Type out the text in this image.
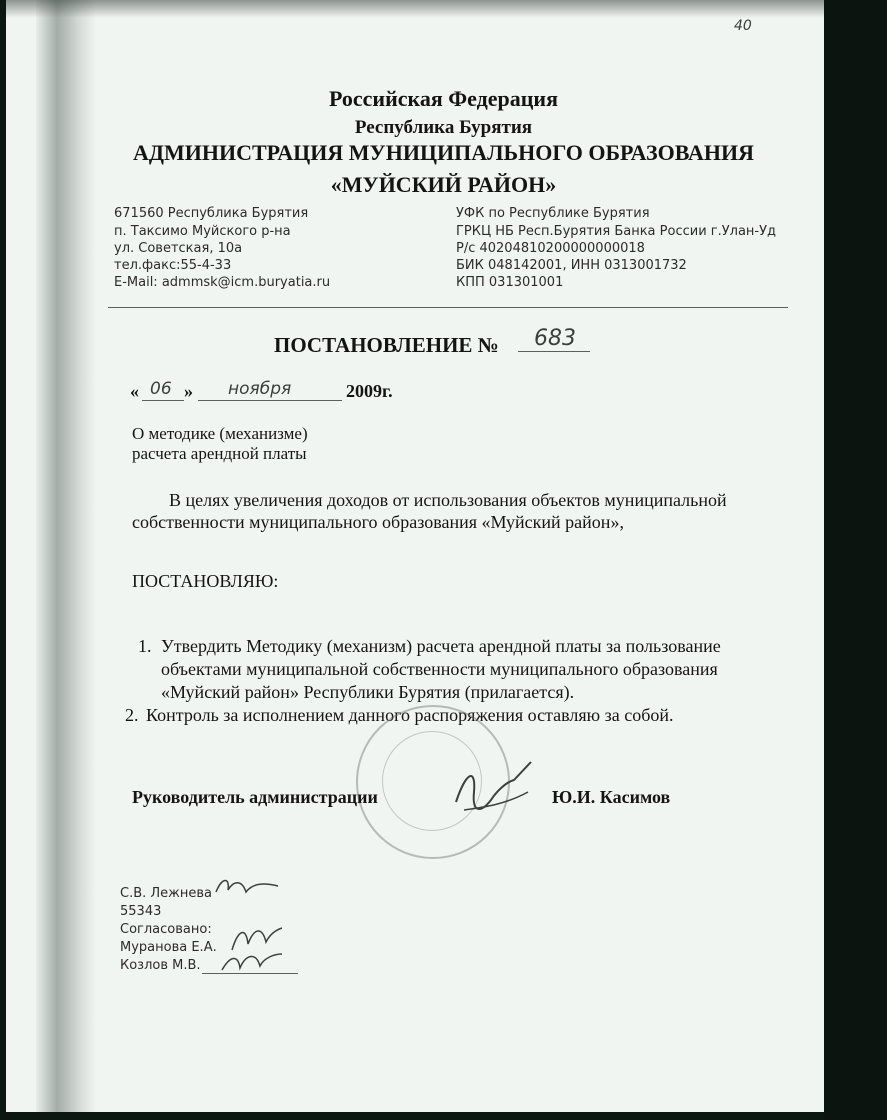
40
Российская Федерация
Республика Бурятия
АДМИНИСТРАЦИЯ МУНИЦИПАЛЬНОГО ОБРАЗОВАНИЯ
«МУЙСКИЙ РАЙОН»
671560 Республика Бурятия
п. Таксимо Муйского р-на
ул. Советская, 10а
тел.факс:55-4-33
E-Mail: admmsk@icm.buryatia.ru
УФК по Республике Бурятия
ГРКЦ НБ Респ.Бурятия Банка России г.Улан-Уд
Р/с 40204810200000000018
БИК 048142001, ИНН 0313001732
КПП 031301001
ПОСТАНОВЛЕНИЕ № 683
« 06 » ноября	2009г.
О методике (механизме)
расчета арендной платы
В целях увеличения доходов от использования объектов муниципальной
собственности муниципального образования «Муйский район»,
ПОСТАНОВЛЯЮ:
1. Утвердить Методику (механизм) расчета арендной платы за пользование
объектами муниципальной собственности муниципального образования
«Муйский район» Республики Бурятия (прилагается).
2. Контроль за исполнением данного распоряжения оставляю за собой.
Руководитель администрации	Ю.И. Касимов
С.В. Лежнева
55343
Согласовано:
Муранова Е.А.
Козлов М.В.
